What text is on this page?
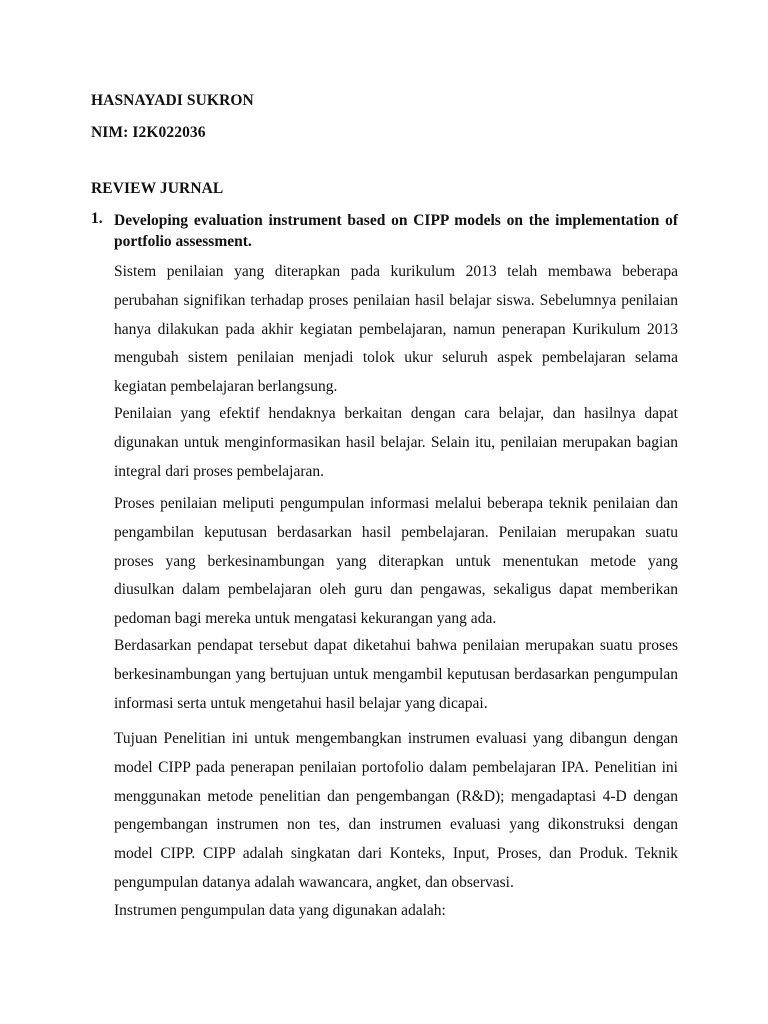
HASNAYADI SUKRON
NIM: I2K022036
REVIEW JURNAL
1. Developing evaluation instrument based on CIPP models on the implementation of portfolio assessment.
Sistem penilaian yang diterapkan pada kurikulum 2013 telah membawa beberapa perubahan signifikan terhadap proses penilaian hasil belajar siswa. Sebelumnya penilaian hanya dilakukan pada akhir kegiatan pembelajaran, namun penerapan Kurikulum 2013 mengubah sistem penilaian menjadi tolok ukur seluruh aspek pembelajaran selama kegiatan pembelajaran berlangsung.
Penilaian yang efektif hendaknya berkaitan dengan cara belajar, dan hasilnya dapat digunakan untuk menginformasikan hasil belajar. Selain itu, penilaian merupakan bagian integral dari proses pembelajaran.
Proses penilaian meliputi pengumpulan informasi melalui beberapa teknik penilaian dan pengambilan keputusan berdasarkan hasil pembelajaran. Penilaian merupakan suatu proses yang berkesinambungan yang diterapkan untuk menentukan metode yang diusulkan dalam pembelajaran oleh guru dan pengawas, sekaligus dapat memberikan pedoman bagi mereka untuk mengatasi kekurangan yang ada.
Berdasarkan pendapat tersebut dapat diketahui bahwa penilaian merupakan suatu proses berkesinambungan yang bertujuan untuk mengambil keputusan berdasarkan pengumpulan informasi serta untuk mengetahui hasil belajar yang dicapai.
Tujuan Penelitian ini untuk mengembangkan instrumen evaluasi yang dibangun dengan model CIPP pada penerapan penilaian portofolio dalam pembelajaran IPA. Penelitian ini menggunakan metode penelitian dan pengembangan (R&D); mengadaptasi 4-D dengan pengembangan instrumen non tes, dan instrumen evaluasi yang dikonstruksi dengan model CIPP. CIPP adalah singkatan dari Konteks, Input, Proses, dan Produk. Teknik pengumpulan datanya adalah wawancara, angket, dan observasi.
Instrumen pengumpulan data yang digunakan adalah:
